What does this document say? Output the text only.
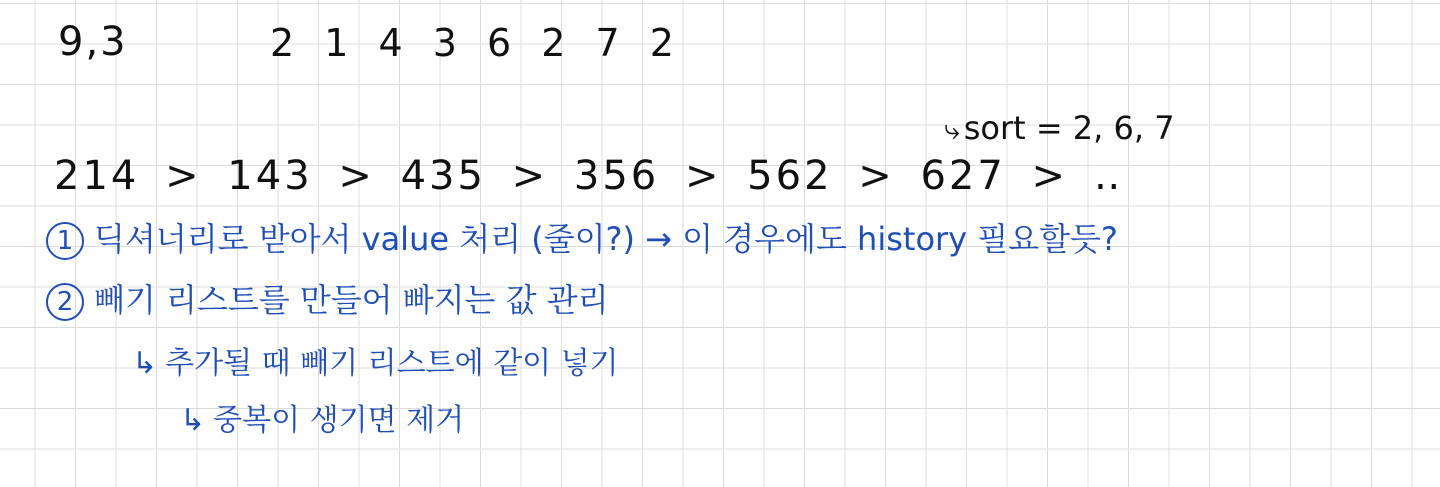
9,3	2 1 4 3 6 2 7 2
⤷ sort = 2, 6, 7
214 > 143 > 435 > 356 > 562 > 627 > ‥
1 딕셔너리로 받아서 value 처리 (줄이?) → 이 경우에도 history 필요할듯?
2 빼기 리스트를 만들어 빠지는 값 관리
↳ 추가될 때 빼기 리스트에 같이 넣기
↳ 중복이 생기면 제거
